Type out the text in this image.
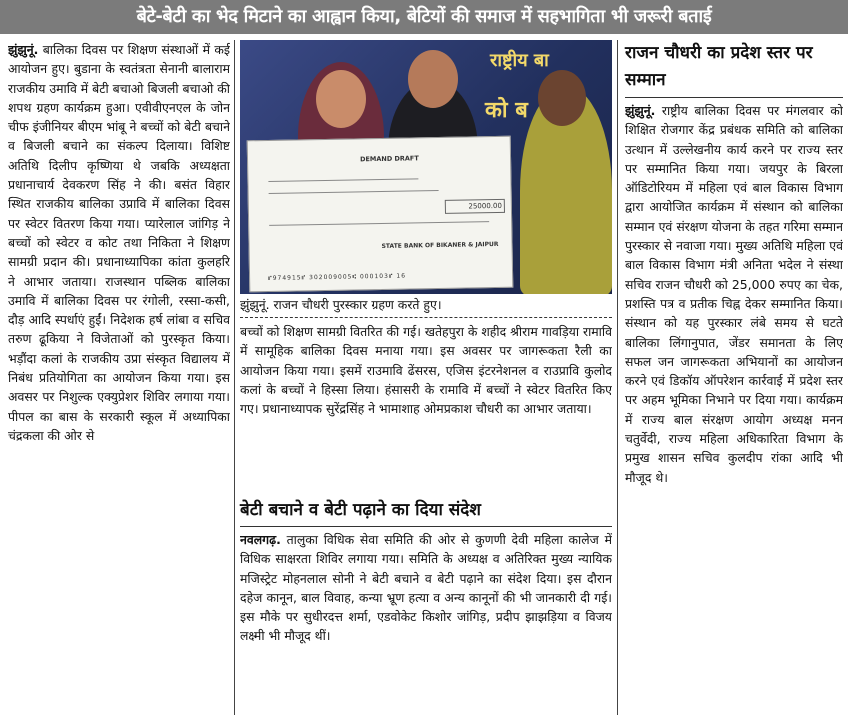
बेटे-बेटी का भेद मिटाने का आह्वान किया, बेटियों की समाज में सहभागिता भी जरूरी बताई

झुंझुनूं. बालिका दिवस पर शिक्षण संस्थाओं में कई आयोजन हुए। बुडाना के स्वतंत्रता सेनानी बालाराम राजकीय उमावि में बेटी बचाओ बिजली बचाओ की शपथ ग्रहण कार्यक्रम हुआ। एवीवीएनएल के जोन चीफ इंजीनियर बीएम भांबू ने बच्चों को बेटी बचाने व बिजली बचाने का संकल्प दिलाया। विशिष्ट अतिथि दिलीप कृष्णिया थे जबकि अध्यक्षता प्रधानाचार्य देवकरण सिंह ने की। बसंत विहार स्थित राजकीय बालिका उप्रावि में बालिका दिवस पर स्वेटर वितरण किया गया। प्यारेलाल जांगिड़ ने बच्चों को स्वेटर व कोट तथा निकिता ने शिक्षण सामग्री प्रदान की। प्रधानाध्यापिका कांता कुलहरि ने आभार जताया। राजस्थान पब्लिक बालिका उमावि में बालिका दिवस पर रंगोली, रस्सा-कसी, दौड़ आदि स्पर्धाएं हुईं। निदेशक हर्ष लांबा व सचिव तरुण ढूकिया ने विजेताओं को पुरस्कृत किया। भड़ौंदा कलां के राजकीय उप्रा संस्कृत विद्यालय में निबंध प्रतियोगिता का आयोजन किया गया। इस अवसर पर निशुल्क एक्युप्रेशर शिविर लगाया गया। पीपल का बास के सरकारी स्कूल में अध्यापिका चंद्रकला की ओर से

राष्ट्रीय बा
को ब
DEMAND DRAFT
25000.00
STATE BANK OF BIKANER & JAIPUR
⑈974915⑈ 302009005⑆ 000103⑈ 16
झुंझुनूं. राजन चौधरी पुरस्कार ग्रहण करते हुए।

बच्चों को शिक्षण सामग्री वितरित की गई। खतेहपुरा के शहीद श्रीराम गावड़िया रामावि में सामूहिक बालिका दिवस मनाया गया। इस अवसर पर जागरूकता रैली का आयोजन किया गया। इसमें राउमावि ढेंसरस, एजिस इंटरनेशनल व राउप्रावि कुलोद कलां के बच्चों ने हिस्सा लिया। हंसासरी के रामावि में बच्चों ने स्वेटर वितरित किए गए। प्रधानाध्यापक सुरेंद्रसिंह ने भामाशाह ओमप्रकाश चौधरी का आभार जताया।

बेटी बचाने व बेटी पढ़ाने का दिया संदेश

नवलगढ़. तालुका विधिक सेवा समिति की ओर से कुणणी देवी महिला कालेज में विधिक साक्षरता शिविर लगाया गया। समिति के अध्यक्ष व अतिरिक्त मुख्य न्यायिक मजिस्ट्रेट मोहनलाल सोनी ने बेटी बचाने व बेटी पढ़ाने का संदेश दिया। इस दौरान दहेज कानून, बाल विवाह, कन्या भ्रूण हत्या व अन्य कानूनों की भी जानकारी दी गई। इस मौके पर सुधीरदत्त शर्मा, एडवोकेट किशोर जांगिड़, प्रदीप झाझड़िया व विजय लक्ष्मी भी मौजूद थीं।

राजन चौधरी का प्रदेश स्तर पर सम्मान

झुंझुनूं. राष्ट्रीय बालिका दिवस पर मंगलवार को शिक्षित रोजगार केंद्र प्रबंधक समिति को बालिका उत्थान में उल्लेखनीय कार्य करने पर राज्य स्तर पर सम्मानित किया गया। जयपुर के बिरला ऑडिटोरियम में महिला एवं बाल विकास विभाग द्वारा आयोजित कार्यक्रम में संस्थान को बालिका सम्मान एवं संरक्षण योजना के तहत गरिमा सम्मान पुरस्कार से नवाजा गया। मुख्य अतिथि महिला एवं बाल विकास विभाग मंत्री अनिता भदेल ने संस्था सचिव राजन चौधरी को 25,000 रुपए का चेक, प्रशस्ति पत्र व प्रतीक चिह्न देकर सम्मानित किया। संस्थान को यह पुरस्कार लंबे समय से घटते बालिका लिंगानुपात, जेंडर समानता के लिए सफल जन जागरूकता अभियानों का आयोजन करने एवं डिकॉय ऑपरेशन कार्रवाई में प्रदेश स्तर पर अहम भूमिका निभाने पर दिया गया। कार्यक्रम में राज्य बाल संरक्षण आयोग अध्यक्ष मनन चतुर्वेदी, राज्य महिला अधिकारिता विभाग के प्रमुख शासन सचिव कुलदीप रांका आदि भी मौजूद थे।
